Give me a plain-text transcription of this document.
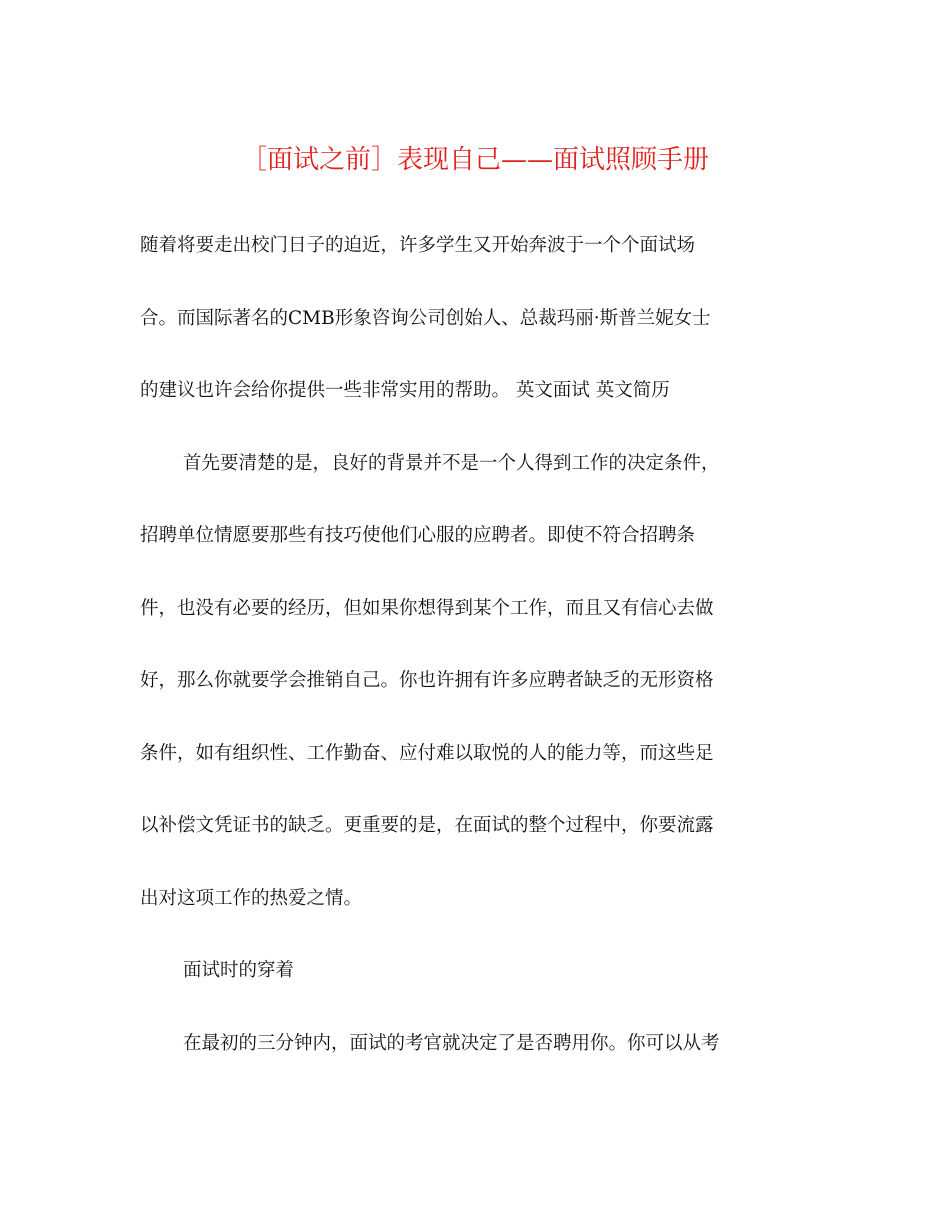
［面试之前］表现自己——面试照顾手册
随着将要走出校门日子的迫近，许多学生又开始奔波于一个个面试场
合。而国际著名的CMB形象咨询公司创始人、总裁玛丽·斯普兰妮女士
的建议也许会给你提供一些非常实用的帮助。 英文面试 英文简历
首先要清楚的是，良好的背景并不是一个人得到工作的决定条件，
招聘单位情愿要那些有技巧使他们心服的应聘者。即使不符合招聘条
件，也没有必要的经历，但如果你想得到某个工作，而且又有信心去做
好，那么你就要学会推销自己。你也许拥有许多应聘者缺乏的无形资格
条件，如有组织性、工作勤奋、应付难以取悦的人的能力等，而这些足
以补偿文凭证书的缺乏。更重要的是，在面试的整个过程中，你要流露
出对这项工作的热爱之情。
面试时的穿着
在最初的三分钟内，面试的考官就决定了是否聘用你。你可以从考
